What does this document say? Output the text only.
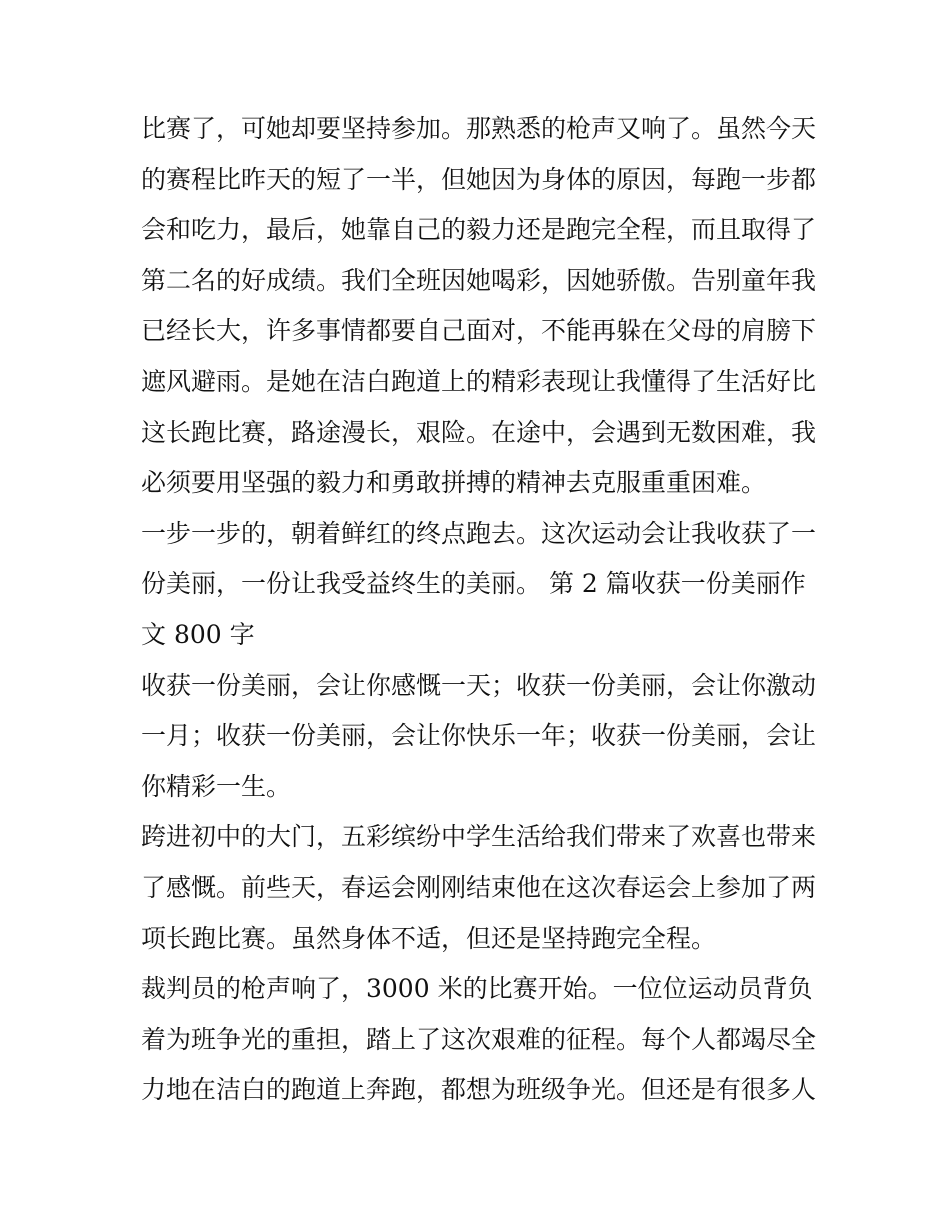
比赛了，可她却要坚持参加。那熟悉的枪声又响了。虽然今天
的赛程比昨天的短了一半，但她因为身体的原因，每跑一步都
会和吃力，最后，她靠自己的毅力还是跑完全程，而且取得了
第二名的好成绩。我们全班因她喝彩，因她骄傲。告别童年我
已经长大，许多事情都要自己面对，不能再躲在父母的肩膀下
遮风避雨。是她在洁白跑道上的精彩表现让我懂得了生活好比
这长跑比赛，路途漫长，艰险。在途中，会遇到无数困难，我
必须要用坚强的毅力和勇敢拼搏的精神去克服重重困难。
一步一步的，朝着鲜红的终点跑去。这次运动会让我收获了一
份美丽，一份让我受益终生的美丽。 第 2 篇收获一份美丽作
文 800 字
收获一份美丽，会让你感慨一天；收获一份美丽，会让你激动
一月；收获一份美丽，会让你快乐一年；收获一份美丽，会让
你精彩一生。
跨进初中的大门，五彩缤纷中学生活给我们带来了欢喜也带来
了感慨。前些天，春运会刚刚结束他在这次春运会上参加了两
项长跑比赛。虽然身体不适，但还是坚持跑完全程。
裁判员的枪声响了，3000 米的比赛开始。一位位运动员背负
着为班争光的重担，踏上了这次艰难的征程。每个人都竭尽全
力地在洁白的跑道上奔跑，都想为班级争光。但还是有很多人
